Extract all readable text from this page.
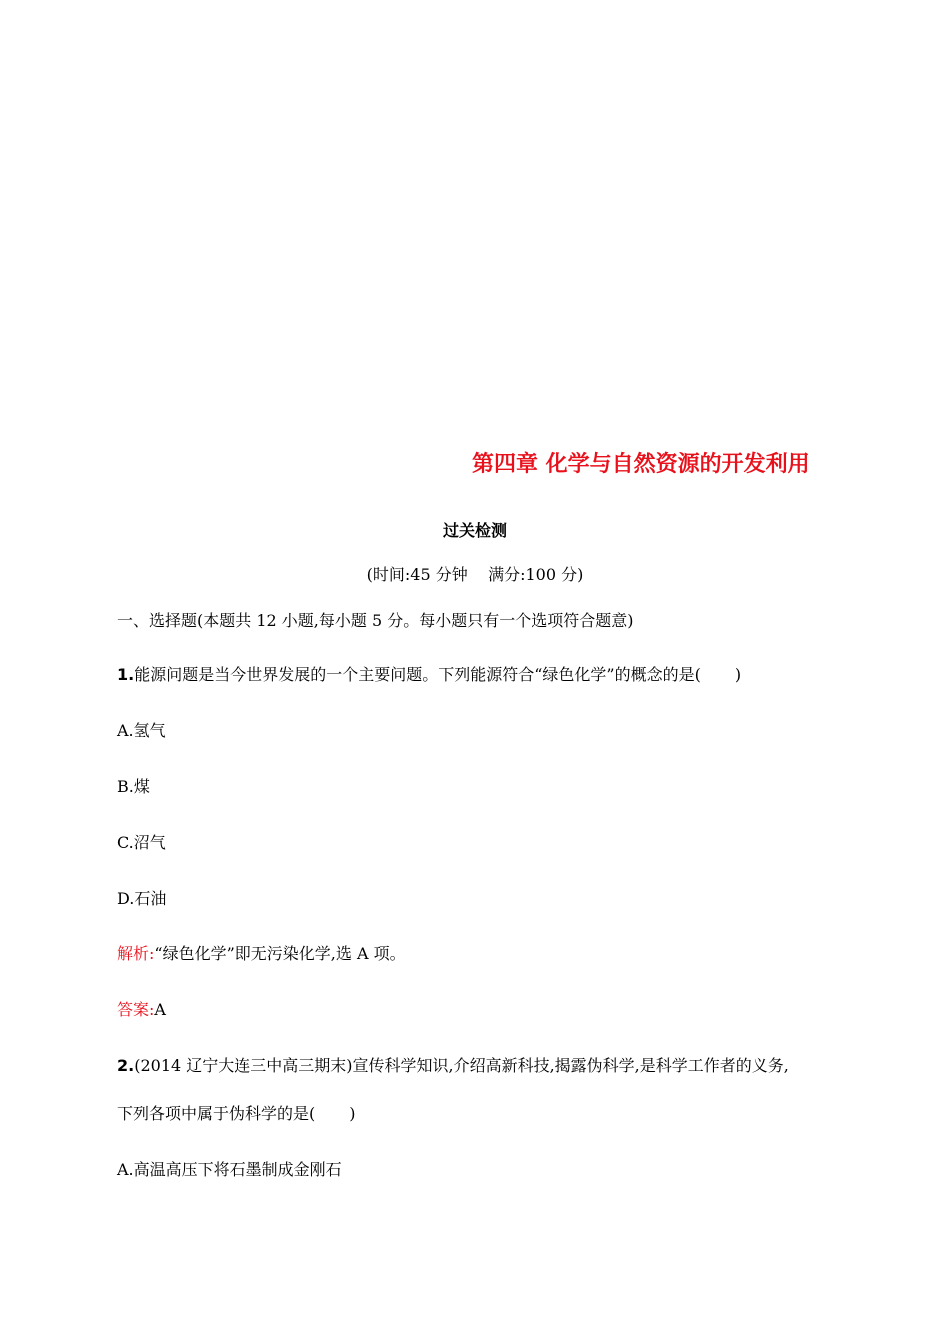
第四章 化学与自然资源的开发利用
过关检测
(时间:45 分钟    满分:100 分)
一、选择题(本题共 12 小题,每小题 5 分。每小题只有一个选项符合题意)
1.能源问题是当今世界发展的一个主要问题。下列能源符合“绿色化学”的概念的是( )
A.氢气
B.煤
C.沼气
D.石油
解析:“绿色化学”即无污染化学,选 A 项。
答案:A
2.(2014 辽宁大连三中高三期末)宣传科学知识,介绍高新科技,揭露伪科学,是科学工作者的义务,
下列各项中属于伪科学的是( )
A.高温高压下将石墨制成金刚石
